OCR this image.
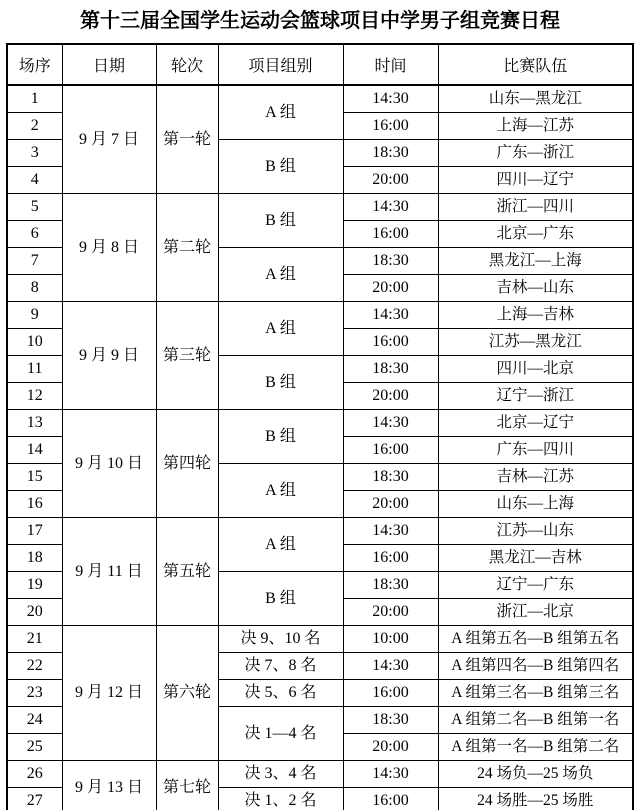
第十三届全国学生运动会篮球项目中学男子组竞赛日程
场序	日期	轮次	项目组别	时间	比赛队伍
1	9 月 7 日	第一轮	A 组	14:30	山东—黑龙江
2				16:00	上海—江苏
3			B 组	18:30	广东—浙江
4				20:00	四川—辽宁
5	9 月 8 日	第二轮	B 组	14:30	浙江—四川
6				16:00	北京—广东
7			A 组	18:30	黑龙江—上海
8				20:00	吉林—山东
9	9 月 9 日	第三轮	A 组	14:30	上海—吉林
10				16:00	江苏—黑龙江
11			B 组	18:30	四川—北京
12				20:00	辽宁—浙江
13	9 月 10 日	第四轮	B 组	14:30	北京—辽宁
14				16:00	广东—四川
15			A 组	18:30	吉林—江苏
16				20:00	山东—上海
17	9 月 11 日	第五轮	A 组	14:30	江苏—山东
18				16:00	黑龙江—吉林
19			B 组	18:30	辽宁—广东
20				20:00	浙江—北京
21	9 月 12 日	第六轮	决 9、10 名	10:00	A 组第五名—B 组第五名
22			决 7、8 名	14:30	A 组第四名—B 组第四名
23			决 5、6 名	16:00	A 组第三名—B 组第三名
24			决 1—4 名	18:30	A 组第二名—B 组第一名
25				20:00	A 组第一名—B 组第二名
26	9 月 13 日	第七轮	决 3、4 名	14:30	24 场负—25 场负
27			决 1、2 名	16:00	24 场胜—25 场胜
